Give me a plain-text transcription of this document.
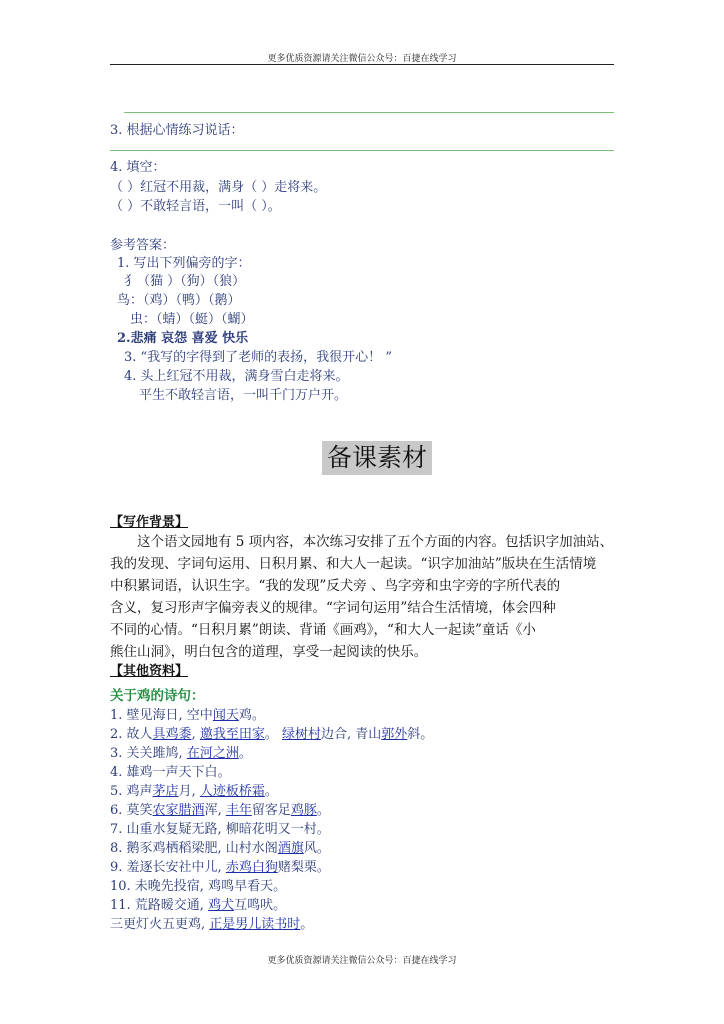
更多优质资源请关注微信公众号：百捷在线学习
3. 根据心情练习说话：
4. 填空：
（ ）红冠不用裁，满身（ ）走将来。
（ ）不敢轻言语，一叫（ ）。
参考答案：
1. 写出下列偏旁的字：
犭（猫 ）（狗）（狼）
鸟：（鸡）（鸭）（鹅）
虫：（蜻）（蜓）（蝴）
2.悲痛 哀怨 喜爱 快乐
3. “我写的字得到了老师的表扬，我很开心！ ”
4. 头上红冠不用裁，满身雪白走将来。
平生不敢轻言语，一叫千门万户开。
备课素材
【写作背景】
这个语文园地有 5 项内容，本次练习安排了五个方面的内容。包括识字加油站、
我的发现、字词句运用、日积月累、和大人一起读。“识字加油站”版块在生活情境
中积累词语，认识生字。“我的发现”反犬旁 、鸟字旁和虫字旁的字所代表的
含义，复习形声字偏旁表义的规律。“字词句运用”结合生活情境，体会四种
不同的心情。“日积月累”朗读、背诵《画鸡》，“和大人一起读”童话《小
熊住山洞》，明白包含的道理，享受一起阅读的快乐。
【其他资料】
关于鸡的诗句：
1. 壁见海日, 空中闻天鸡。
2. 故人具鸡黍, 邀我至田家。 绿树村边合, 青山郭外斜。
3. 关关雎鸠, 在河之洲。
4. 雄鸡一声天下白。
5. 鸡声茅店月, 人迹板桥霜。
6. 莫笑农家腊酒浑, 丰年留客足鸡豚。
7. 山重水复疑无路, 柳暗花明又一村。
8. 鹅豕鸡栖稻梁肥, 山村水阁酒旗风。
9. 羞逐长安社中儿, 赤鸡白狗赌梨栗。
10. 未晚先投宿, 鸡鸣早看天。
11. 荒路暧交通, 鸡犬互鸣吠。
三更灯火五更鸡, 正是男儿读书时。
更多优质资源请关注微信公众号：百捷在线学习
